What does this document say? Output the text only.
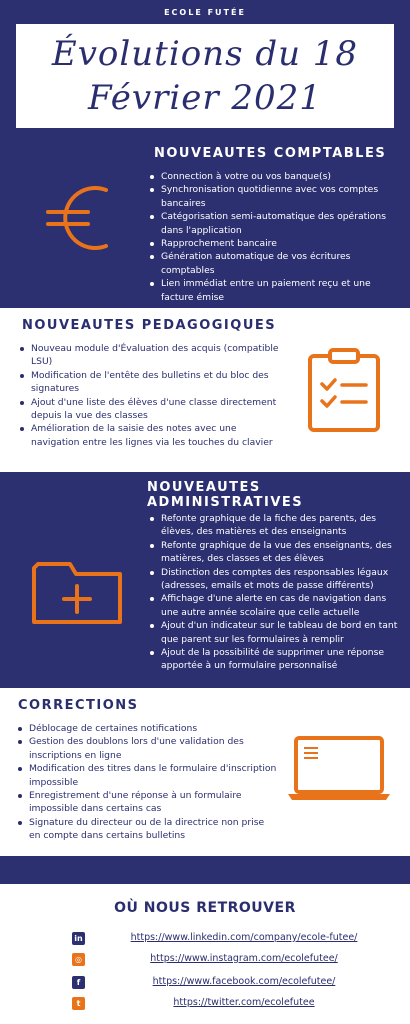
ECOLE FUTÉE
Évolutions du 18
Février 2021
NOUVEAUTES COMPTABLES
Connection à votre ou vos banque(s)
Synchronisation quotidienne avec vos comptes bancaires
Catégorisation semi-automatique des opérations dans l'application
Rapprochement bancaire
Génération automatique de vos écritures comptables
Lien immédiat entre un paiement reçu et une facture émise
NOUVEAUTES PEDAGOGIQUES
Nouveau module d'Évaluation des acquis (compatible LSU)
Modification de l'entête des bulletins et du bloc des signatures
Ajout d'une liste des élèves d'une classe directement depuis la vue des classes
Amélioration de la saisie des notes avec une navigation entre les lignes via les touches du clavier
NOUVEAUTES ADMINISTRATIVES
Refonte graphique de la fiche des parents, des élèves, des matières et des enseignants
Refonte graphique de la vue des enseignants, des matières, des classes et des élèves
Distinction des comptes des responsables légaux (adresses, emails et mots de passe différents)
Affichage d'une alerte en cas de navigation dans une autre année scolaire que celle actuelle
Ajout d'un indicateur sur le tableau de bord en tant que parent sur les formulaires à remplir
Ajout de la possibilité de supprimer une réponse apportée à un formulaire personnalisé
CORRECTIONS
Déblocage de certaines notifications
Gestion des doublons lors d'une validation des inscriptions en ligne
Modification des titres dans le formulaire d'inscription impossible
Enregistrement d'une réponse à un formulaire impossible dans certains cas
Signature du directeur ou de la directrice non prise en compte dans certains bulletins
OÙ NOUS RETROUVER
in	https://www.linkedin.com/company/ecole-futee/
◎	https://www.instagram.com/ecolefutee/
f	https://www.facebook.com/ecolefutee/
t	https://twitter.com/ecolefutee
